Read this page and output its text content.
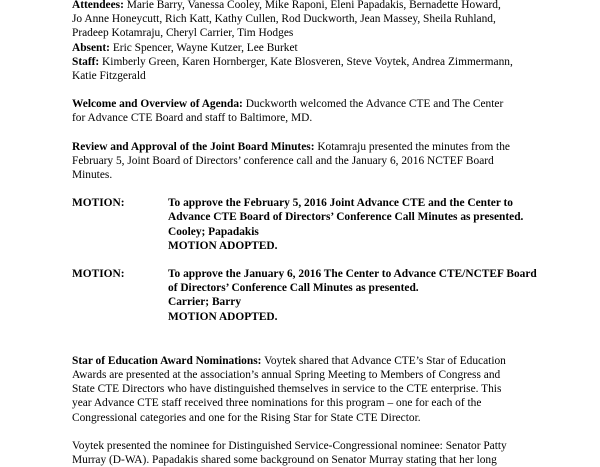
Attendees: Marie Barry, Vanessa Cooley, Mike Raponi, Eleni Papadakis, Bernadette Howard,
Jo Anne Honeycutt, Rich Katt, Kathy Cullen, Rod Duckworth, Jean Massey, Sheila Ruhland,
Pradeep Kotamraju, Cheryl Carrier, Tim Hodges
Absent: Eric Spencer, Wayne Kutzer, Lee Burket
Staff: Kimberly Green, Karen Hornberger, Kate Blosveren, Steve Voytek, Andrea Zimmermann,
Katie Fitzgerald
Welcome and Overview of Agenda: Duckworth welcomed the Advance CTE and The Center
for Advance CTE Board and staff to Baltimore, MD.
Review and Approval of the Joint Board Minutes: Kotamraju presented the minutes from the
February 5, Joint Board of Directors’ conference call and the January 6, 2016 NCTEF Board
Minutes.
MOTION:	To approve the February 5, 2016 Joint Advance CTE and the Center to
Advance CTE Board of Directors’ Conference Call Minutes as presented.
Cooley; Papadakis
MOTION ADOPTED.
MOTION:	To approve the January 6, 2016 The Center to Advance CTE/NCTEF Board
of Directors’ Conference Call Minutes as presented.
Carrier; Barry
MOTION ADOPTED.
Star of Education Award Nominations: Voytek shared that Advance CTE’s Star of Education
Awards are presented at the association’s annual Spring Meeting to Members of Congress and
State CTE Directors who have distinguished themselves in service to the CTE enterprise. This
year Advance CTE staff received three nominations for this program – one for each of the
Congressional categories and one for the Rising Star for State CTE Director.
Voytek presented the nominee for Distinguished Service-Congressional nominee: Senator Patty
Murray (D-WA). Papadakis shared some background on Senator Murray stating that her long
